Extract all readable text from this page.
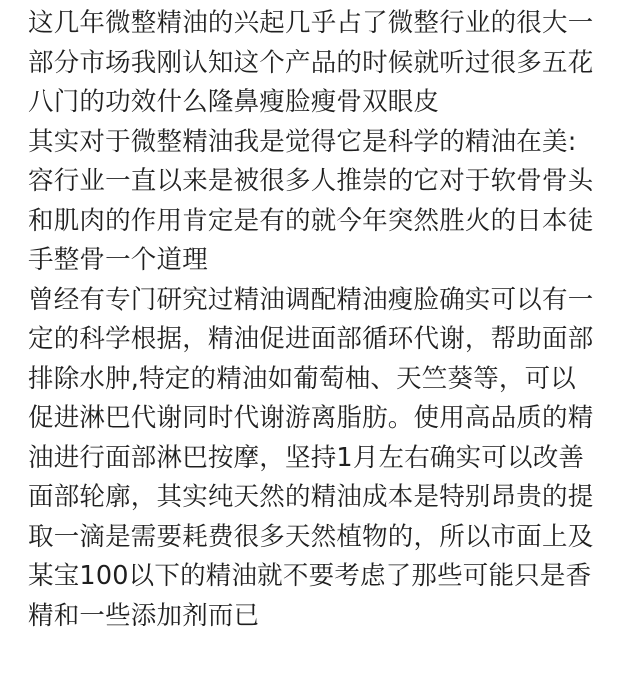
这几年微整精油的兴起几乎占了微整行业的很大一
部分市场我刚认知这个产品的时候就听过很多五花
八门的功效什么隆鼻瘦脸瘦骨双眼皮
其实对于微整精油我是觉得它是科学的精油在美:
容行业一直以来是被很多人推崇的它对于软骨骨头
和肌肉的作用肯定是有的就今年突然胜火的日本徒
手整骨一个道理
曾经有专门研究过精油调配精油瘦脸确实可以有一
定的科学根据，精油促进面部循环代谢，帮助面部
排除水肿,特定的精油如葡萄柚、天竺葵等，可以
促进淋巴代谢同时代谢游离脂肪。使用高品质的精
油进行面部淋巴按摩，坚持1月左右确实可以改善
面部轮廓，其实纯天然的精油成本是特别昂贵的提
取一滴是需要耗费很多天然植物的，所以市面上及
某宝100以下的精油就不要考虑了那些可能只是香
精和一些添加剂而已
